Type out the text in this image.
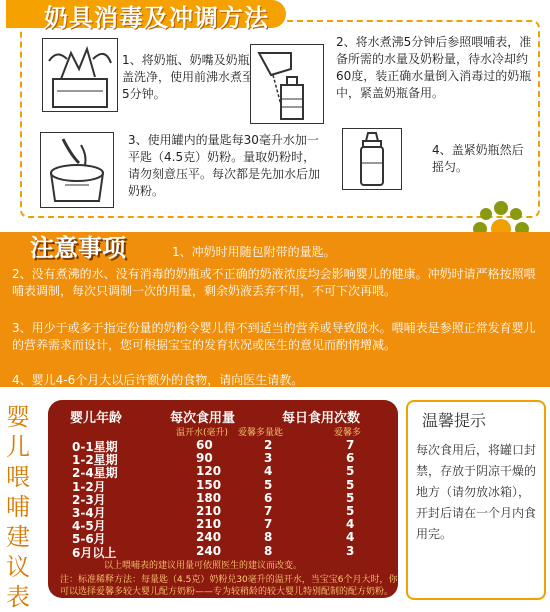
奶具消毒及冲调方法
1、将奶瓶、奶嘴及奶瓶环盖洗净，使用前沸水煮至少5分钟。
2、将水煮沸5分钟后参照喂哺表，准备所需的水量及奶粉量，待水冷却约60度，装正确水量倒入消毒过的奶瓶中，紧盖奶瓶备用。
3、使用罐内的量匙每30毫升水加一平匙（4.5克）奶粉。量取奶粉时，请勿刻意压平。每次都是先加水后加奶粉。
4、盖紧奶瓶然后摇匀。
注意事项	1、冲奶时用随包附带的量匙。
2、没有煮沸的水、没有消毒的奶瓶或不正确的奶液浓度均会影响婴儿的健康。冲奶时请严格按照喂哺表调制，每次只调制一次的用量，剩余奶液丢弃不用，不可下次再喂。
3、用少于或多于指定份量的奶粉令婴儿得不到适当的营养或导致脱水。喂哺表是参照正常发育婴儿的营养需求而设计，您可根据宝宝的发育状况或医生的意见而酌情增减。
4、婴儿4-6个月大以后许额外的食物，请向医生请教。
婴
儿
喂
哺
建
议
表
婴儿年龄	每次食用量	每日食用次数
温开水(毫升) 爱馨多量匙	爱馨多
0-1星期	60	2	7
1-2星期	90	3	6
2-4星期	120	4	5
1-2月	150	5	5
2-3月	180	6	5
3-4月	210	7	5
4-5月	210	7	4
5-6月	240	8	4
6月以上	240	8	3
以上喂哺表的建议用量可依照医生的建议而改变。
注：标准稀释方法：每量匙（4.5克）奶粉兑30毫升的温开水，当宝宝6个月大时，你
可以选择爱馨多较大婴儿配方奶粉——专为较稍龄的较大婴儿特别配制的配方奶粉。
温馨提示
每次食用后，将罐口封禁，存放于阴凉干燥的地方（请勿放冰箱），开封后请在一个月内食用完。
